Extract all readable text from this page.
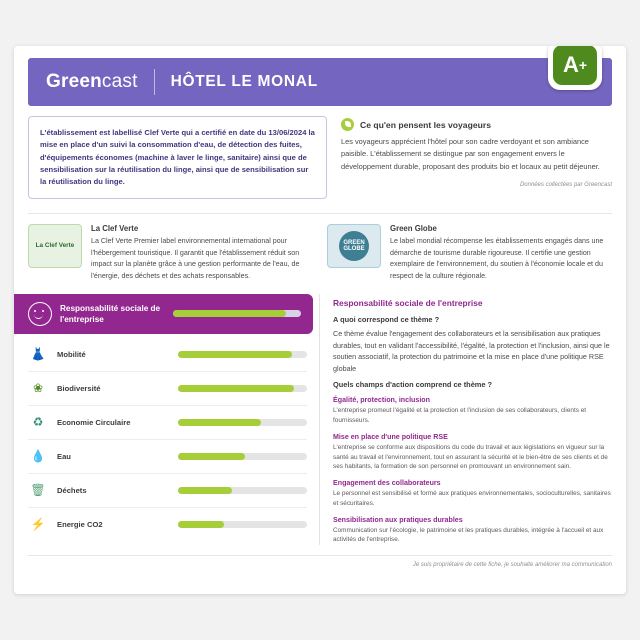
Greencast HÔTEL LE MONAL
A +
L'établissement est labellisé Clef Verte qui a certifié en date du 13/06/2024 la mise en place d'un suivi la consommation d'eau, de détection des fuites, d'équipements économes (machine à laver le linge, sanitaire) ainsi que de sensibilisation sur la réutilisation du linge, ainsi que de sensibilisation sur la réutilisation du linge.
Ce qu'en pensent les voyageurs
Les voyageurs apprécient l'hôtel pour son cadre verdoyant et son ambiance paisible. L'établissement se distingue par son engagement envers le développement durable, proposant des produits bio et locaux au petit déjeuner.
Données collectées par Greencast
La Clef Verte
La Clef Verte
La Clef Verte Premier label environnemental international pour l'hébergement touristique. Il garantit que l'établissement réduit son impact sur la planète grâce à une gestion performante de l'eau, de l'énergie, des déchets et des achats responsables.
GREEN GLOBE
Green Globe
Le label mondial récompense les établissements engagés dans une démarche de tourisme durable rigoureuse. Il certifie une gestion exemplaire de l'environnement, du soutien à l'économie locale et du respect de la culture régionale.
Responsabilité sociale de l'entreprise
👗	Mobilité
❀	Biodiversité
♻	Economie Circulaire
💧	Eau
🗑	Déchets
⚡	Energie CO2
Responsabilité sociale de l'entreprise
A quoi correspond ce thème ?
Ce thème évalue l'engagement des collaborateurs et la sensibilisation aux pratiques durables, tout en validant l'accessibilité, l'égalité, la protection et l'inclusion, ainsi que le soutien associatif, la protection du patrimoine et la mise en place d'une politique RSE globale
Quels champs d'action comprend ce thème ?
Égalité, protection, inclusion
L'entreprise promeut l'égalité et la protection et l'inclusion de ses collaborateurs, clients et fournisseurs.
Mise en place d'une politique RSE
L'entreprise se conforme aux dispositions du code du travail et aux législations en vigueur sur la santé au travail et l'environnement, tout en assurant la sécurité et le bien-être de ses clients et de ses habitants, la formation de son personnel en promouvant un environnement sain.
Engagement des collaborateurs
Le personnel est sensibilisé et formé aux pratiques environnementales, socioculturelles, sanitaires et sécuritaires.
Sensibilisation aux pratiques durables
Communication sur l'écologie, le patrimoine et les pratiques durables, intégrée à l'accueil et aux activités de l'entreprise.
Je suis propriétaire de cette fiche, je souhaite améliorer ma communication
